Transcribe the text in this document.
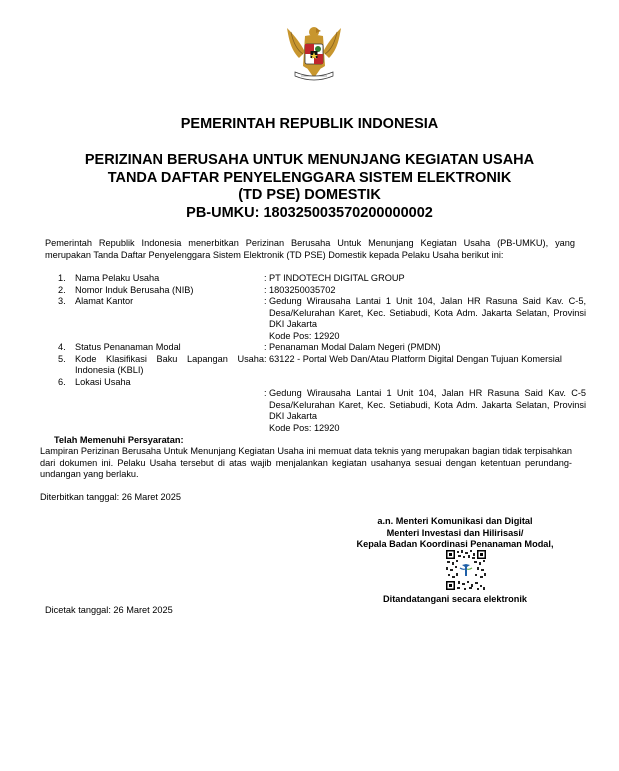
PEMERINTAH REPUBLIK INDONESIA
PERIZINAN BERUSAHA UNTUK MENUNJANG KEGIATAN USAHA
TANDA DAFTAR PENYELENGGARA SISTEM ELEKTRONIK
(TD PSE) DOMESTIK
PB-UMKU: 180325003570200000002
Pemerintah Republik Indonesia menerbitkan Perizinan Berusaha Untuk Menunjang Kegiatan Usaha (PB-UMKU), yang merupakan Tanda Daftar Penyelenggara Sistem Elektronik (TD PSE) Domestik kepada Pelaku Usaha berikut ini:
1.	Nama Pelaku Usaha	: PT INDOTECH DIGITAL GROUP
2.	Nomor Induk Berusaha (NIB)	: 1803250035702
3.	Alamat Kantor	: Gedung Wirausaha Lantai 1 Unit 104, Jalan HR Rasuna Said Kav. C-5, Desa/Kelurahan Karet, Kec. Setiabudi, Kota Adm. Jakarta Selatan, Provinsi DKI Jakarta
Kode Pos: 12920
4.	Status Penanaman Modal	: Penanaman Modal Dalam Negeri (PMDN)
5.	Kode Klasifikasi Baku Lapangan Usaha Indonesia (KBLI)
: 63122 - Portal Web Dan/Atau Platform Digital Dengan Tujuan Komersial
6.	Lokasi Usaha
: Gedung Wirausaha Lantai 1 Unit 104, Jalan HR Rasuna Said Kav. C-5 Desa/Kelurahan Karet, Kec. Setiabudi, Kota Adm. Jakarta Selatan, Provinsi DKI Jakarta
Kode Pos: 12920
Telah Memenuhi Persyaratan:
Lampiran Perizinan Berusaha Untuk Menunjang Kegiatan Usaha ini memuat data teknis yang merupakan bagian tidak terpisahkan dari dokumen ini. Pelaku Usaha tersebut di atas wajib menjalankan kegiatan usahanya sesuai dengan ketentuan perundang-undangan yang berlaku.
Diterbitkan tanggal: 26 Maret 2025
a.n. Menteri Komunikasi dan Digital
Menteri Investasi dan Hilirisasi/
Kepala Badan Koordinasi Penanaman Modal,
Ditandatangani secara elektronik
Dicetak tanggal: 26 Maret 2025
